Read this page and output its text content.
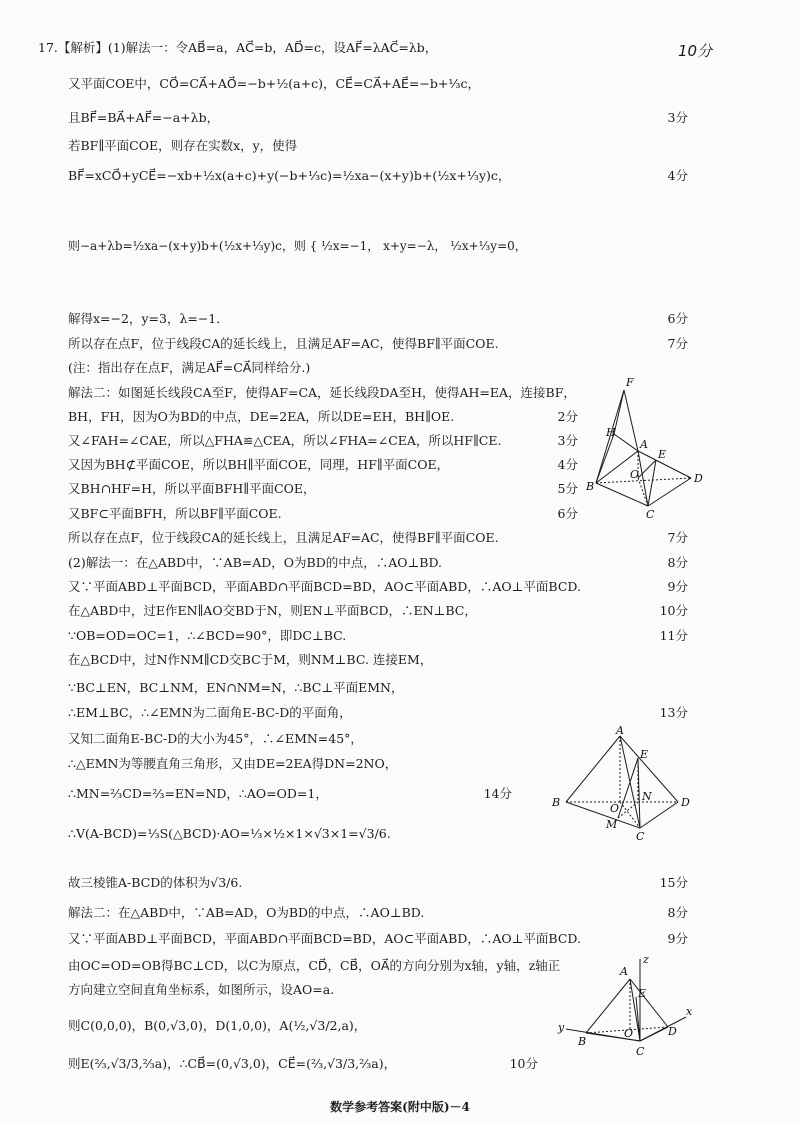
10分
17.【解析】(1)解法一：令AB⃗=a，AC⃗=b，AD⃗=c，设AF⃗=λAC⃗=λb，
又平面COE中，CO⃗=CA⃗+AO⃗=−b+½(a+c)，CE⃗=CA⃗+AE⃗=−b+⅓c，
且BF⃗=BA⃗+AF⃗=−a+λb，	3分
若BF∥平面COE，则存在实数x，y，使得
BF⃗=xCO⃗+yCE⃗=−xb+½x(a+c)+y(−b+⅓c)=½xa−(x+y)b+(½x+⅓y)c，	4分
则−a+λb=½xa−(x+y)b+(½x+⅓y)c，则 { ½x=−1， x+y=−λ， ½x+⅓y=0，
解得x=−2，y=3，λ=−1．	6分
所以存在点F，位于线段CA的延长线上，且满足AF=AC，使得BF∥平面COE.	7分
(注：指出存在点F，满足AF⃗=CA⃗同样给分.)
解法二：如图延长线段CA至F，使得AF=CA，延长线段DA至H，使得AH=EA，连接BF，
BH，FH，因为O为BD的中点，DE=2EA，所以DE=EH，BH∥OE.	2分
又∠FAH=∠CAE，所以△FHA≌△CEA，所以∠FHA=∠CEA，所以HF∥CE.	3分
又因为BH⊄平面COE，所以BH∥平面COE，同理，HF∥平面COE，	4分
又BH∩HF=H，所以平面BFH∥平面COE，	5分
又BF⊂平面BFH，所以BF∥平面COE.	6分
所以存在点F，位于线段CA的延长线上，且满足AF=AC，使得BF∥平面COE.	7分
(2)解法一：在△ABD中，∵AB=AD，O为BD的中点，∴AO⊥BD.	8分
又∵平面ABD⊥平面BCD，平面ABD∩平面BCD=BD，AO⊂平面ABD，∴AO⊥平面BCD.	9分
在△ABD中，过E作EN∥AO交BD于N，则EN⊥平面BCD，∴EN⊥BC，	10分
∵OB=OD=OC=1，∴∠BCD=90°，即DC⊥BC.	11分
在△BCD中，过N作NM∥CD交BC于M，则NM⊥BC. 连接EM，
∵BC⊥EN，BC⊥NM，EN∩NM=N，∴BC⊥平面EMN，
∴EM⊥BC，∴∠EMN为二面角E-BC-D的平面角，	13分
又知二面角E-BC-D的大小为45°，∴∠EMN=45°，
∴△EMN为等腰直角三角形，又由DE=2EA得DN=2NO，
∴MN=⅔CD=⅔=EN=ND，∴AO=OD=1，	14分
∴V(A-BCD)=⅓S(△BCD)·AO=⅓×½×1×√3×1=√3/6.
故三棱锥A-BCD的体积为√3/6.	15分
解法二：在△ABD中，∵AB=AD，O为BD的中点，∴AO⊥BD.	8分
又∵平面ABD⊥平面BCD，平面ABD∩平面BCD=BD，AO⊂平面ABD，∴AO⊥平面BCD.	9分
由OC=OD=OB得BC⊥CD，以C为原点，CD⃗，CB⃗，OA⃗的方向分别为x轴，y轴，z轴正
方向建立空间直角坐标系，如图所示，设AO=a.
则C(0,0,0)，B(0,√3,0)，D(1,0,0)，A(½,√3/2,a)，
则E(⅔,√3/3,⅔a)，∴CB⃗=(0,√3,0)，CE⃗=(⅔,√3/3,⅔a)，	10分
F
H
A
E
O
B
C
D
A
E
O
N
B	D
M
C
z
A
E
O
B
y	D
x
C
数学参考答案(附中版)－4
